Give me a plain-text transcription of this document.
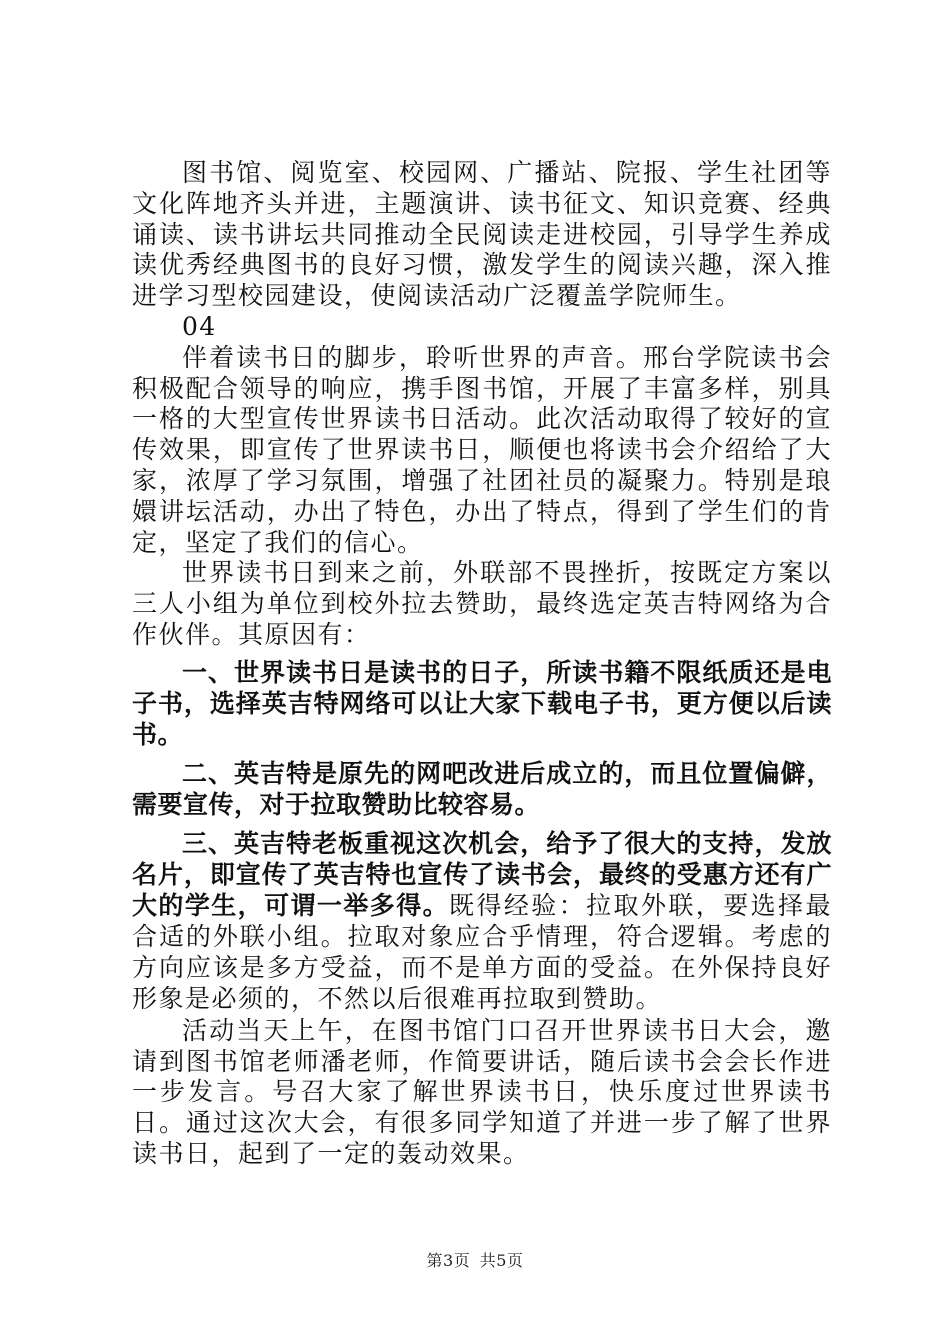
图书馆、阅览室、校园网、广播站、院报、学生社团等文化阵地齐头并进，主题演讲、读书征文、知识竞赛、经典诵读、读书讲坛共同推动全民阅读走进校园，引导学生养成读优秀经典图书的良好习惯，激发学生的阅读兴趣，深入推进学习型校园建设，使阅读活动广泛覆盖学院师生。

04

伴着读书日的脚步，聆听世界的声音。邢台学院读书会积极配合领导的响应，携手图书馆，开展了丰富多样，别具一格的大型宣传世界读书日活动。此次活动取得了较好的宣传效果，即宣传了世界读书日，顺便也将读书会介绍给了大家，浓厚了学习氛围，增强了社团社员的凝聚力。特别是琅嬛讲坛活动，办出了特色，办出了特点，得到了学生们的肯定，坚定了我们的信心。

世界读书日到来之前，外联部不畏挫折，按既定方案以三人小组为单位到校外拉去赞助，最终选定英吉特网络为合作伙伴。其原因有：

一、世界读书日是读书的日子，所读书籍不限纸质还是电子书，选择英吉特网络可以让大家下载电子书，更方便以后读书。

二、英吉特是原先的网吧改进后成立的，而且位置偏僻，需要宣传，对于拉取赞助比较容易。

三、英吉特老板重视这次机会，给予了很大的支持，发放名片，即宣传了英吉特也宣传了读书会，最终的受惠方还有广大的学生，可谓一举多得。既得经验：拉取外联，要选择最合适的外联小组。拉取对象应合乎情理，符合逻辑。考虑的方向应该是多方受益，而不是单方面的受益。在外保持良好形象是必须的，不然以后很难再拉取到赞助。

活动当天上午，在图书馆门口召开世界读书日大会，邀请到图书馆老师潘老师，作简要讲话，随后读书会会长作进一步发言。号召大家了解世界读书日，快乐度过世界读书日。通过这次大会，有很多同学知道了并进一步了解了世界读书日，起到了一定的轰动效果。

第3页 共5页
